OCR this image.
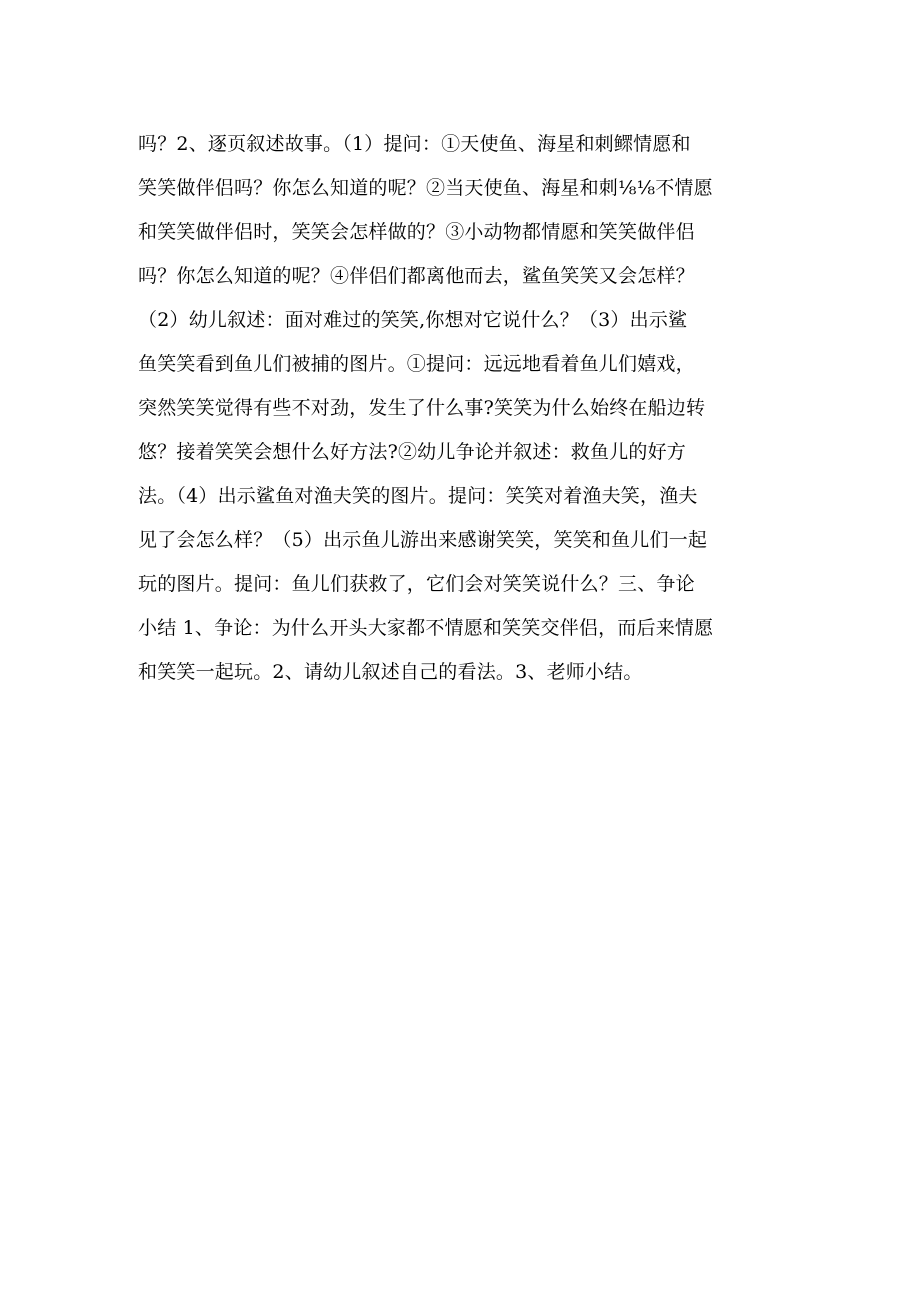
吗？2、逐页叙述故事。（1）提问：①天使鱼、海星和刺鳏情愿和
笑笑做伴侣吗？你怎么知道的呢？②当天使鱼、海星和刺⅛⅛不情愿
和笑笑做伴侣时，笑笑会怎样做的？③小动物都情愿和笑笑做伴侣
吗？你怎么知道的呢？④伴侣们都离他而去，鲨鱼笑笑又会怎样？
（2）幼儿叙述：面对难过的笑笑,你想对它说什么？（3）出示鲨
鱼笑笑看到鱼儿们被捕的图片。①提问：远远地看着鱼儿们嬉戏，
突然笑笑觉得有些不对劲，发生了什么事?笑笑为什么始终在船边转
悠？接着笑笑会想什么好方法?②幼儿争论并叙述：救鱼儿的好方
法。（4）出示鲨鱼对渔夫笑的图片。提问：笑笑对着渔夫笑，渔夫
见了会怎么样？（5）出示鱼儿游出来感谢笑笑，笑笑和鱼儿们一起
玩的图片。提问：鱼儿们获救了，它们会对笑笑说什么？三、争论
小结 1、争论：为什么开头大家都不情愿和笑笑交伴侣，而后来情愿
和笑笑一起玩。2、请幼儿叙述自己的看法。3、老师小结。
